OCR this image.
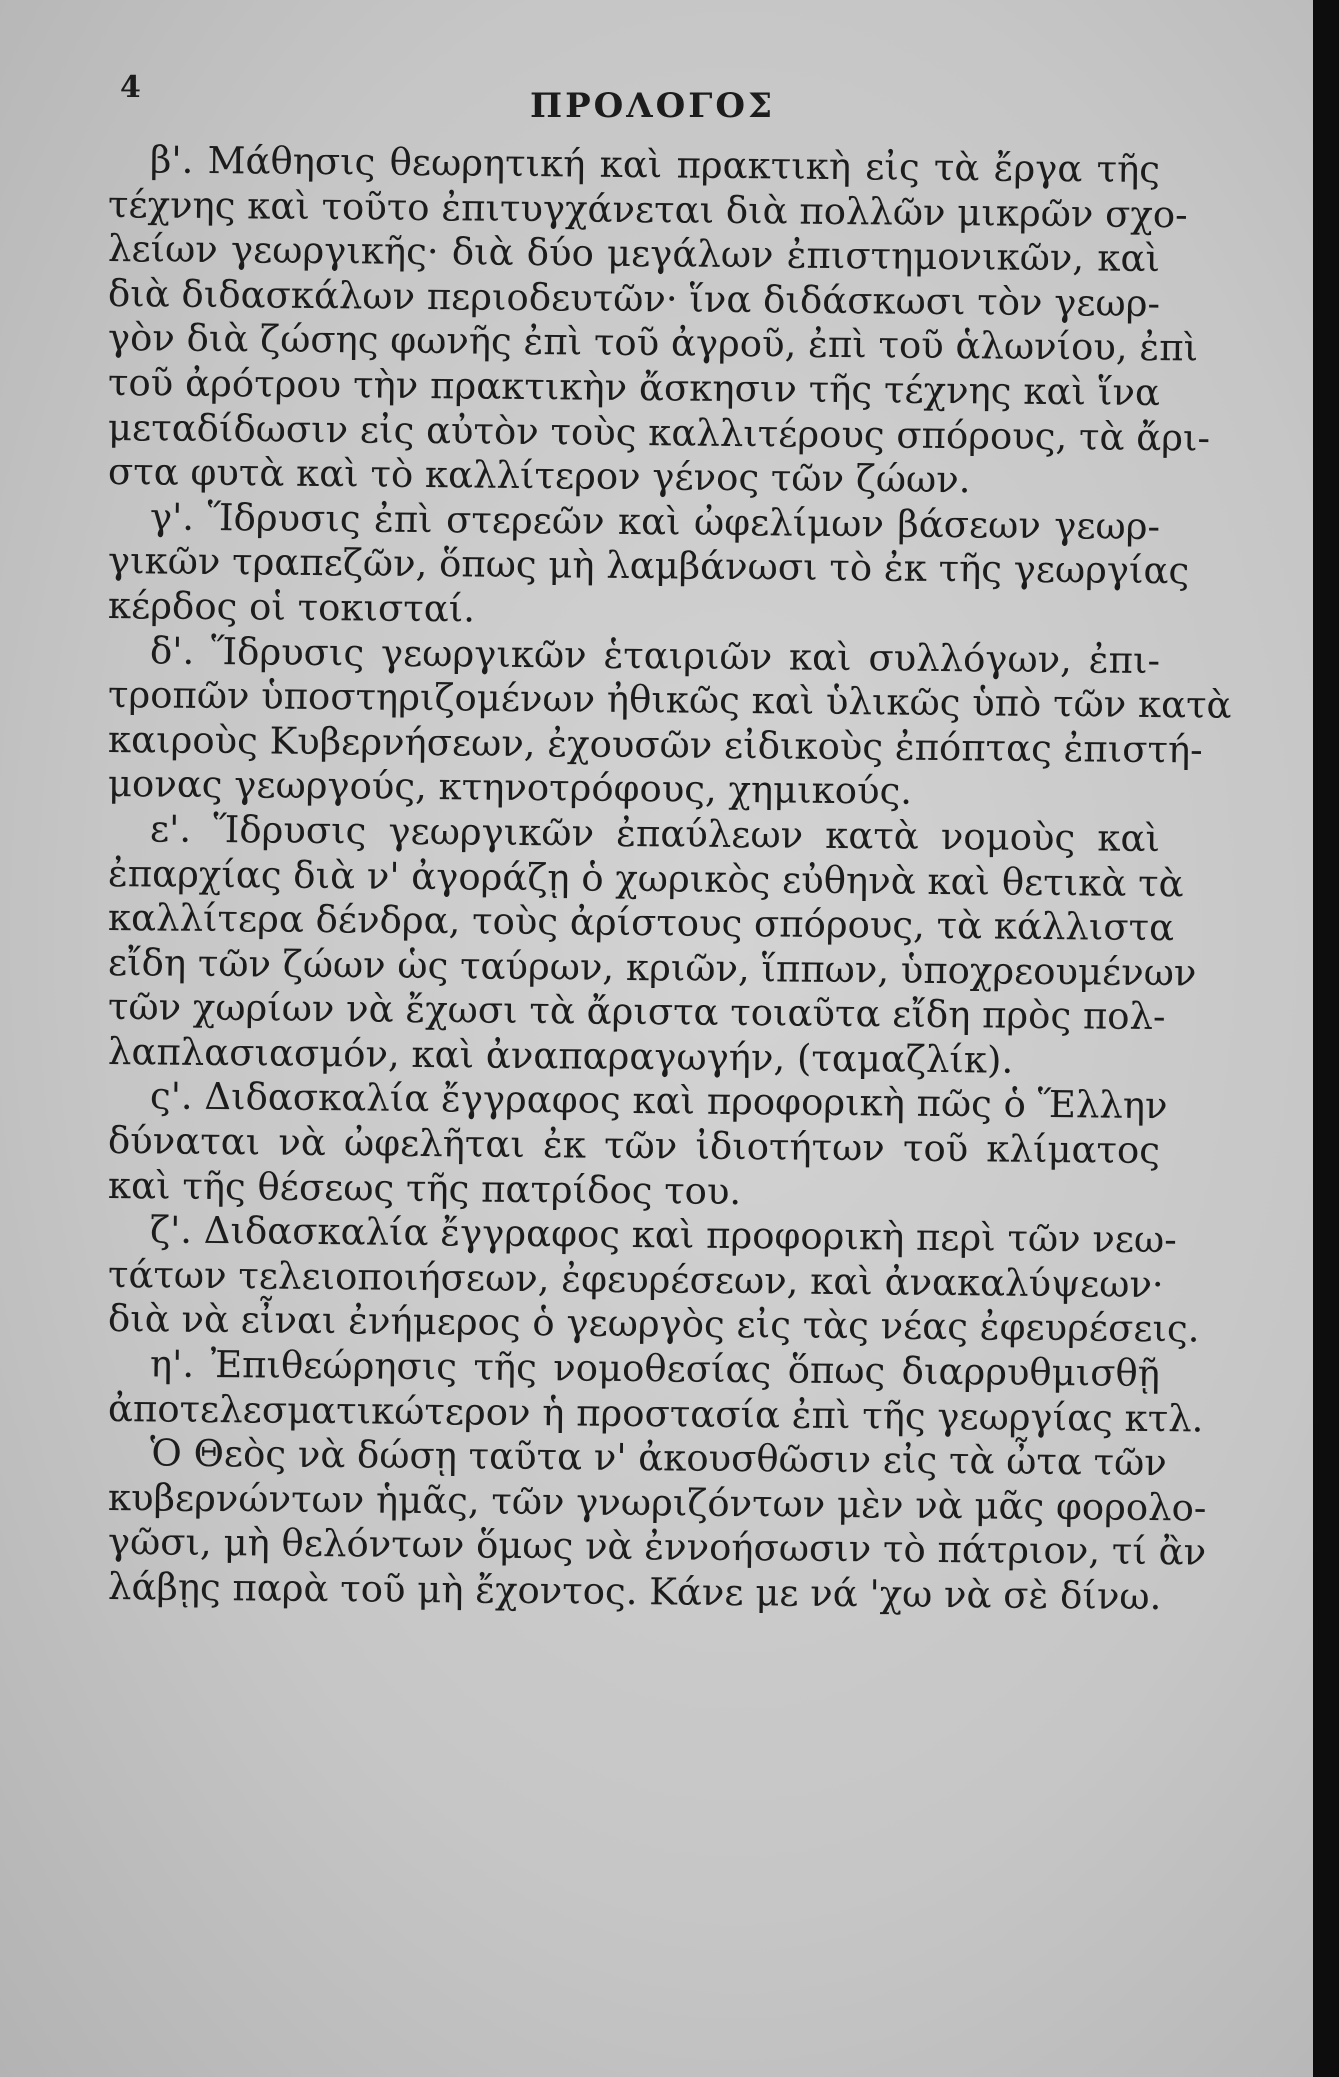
4	ΠΡΟΛΟΓΟΣ
β'. Μάθησις θεωρητική καὶ πρακτικὴ εἰς τὰ ἔργα τῆς
τέχνης καὶ τοῦτο ἐπιτυγχάνεται διὰ πολλῶν μικρῶν σχο-
λείων γεωργικῆς· διὰ δύο μεγάλων ἐπιστημονικῶν, καὶ
διὰ διδασκάλων περιοδευτῶν· ἵνα διδάσκωσι τὸν γεωρ-
γὸν διὰ ζώσης φωνῆς ἐπὶ τοῦ ἀγροῦ, ἐπὶ τοῦ ἁλωνίου, ἐπὶ
τοῦ ἀρότρου τὴν πρακτικὴν ἄσκησιν τῆς τέχνης καὶ ἵνα
μεταδίδωσιν εἰς αὐτὸν τοὺς καλλιτέρους σπόρους, τὰ ἄρι-
στα φυτὰ καὶ τὸ καλλίτερον γένος τῶν ζώων.
γ'. Ἵδρυσις ἐπὶ στερεῶν καὶ ὠφελίμων βάσεων γεωρ-
γικῶν τραπεζῶν, ὅπως μὴ λαμβάνωσι τὸ ἐκ τῆς γεωργίας
κέρδος οἱ τοκισταί.
δ'. Ἵδρυσις γεωργικῶν ἑταιριῶν καὶ συλλόγων, ἐπι-
τροπῶν ὑποστηριζομένων ἠθικῶς καὶ ὑλικῶς ὑπὸ τῶν κατὰ
καιροὺς Κυβερνήσεων, ἐχουσῶν εἰδικοὺς ἐπόπτας ἐπιστή-
μονας γεωργούς, κτηνοτρόφους, χημικούς.
ε'. Ἵδρυσις γεωργικῶν ἐπαύλεων κατὰ νομοὺς καὶ
ἐπαρχίας διὰ ν' ἀγοράζῃ ὁ χωρικὸς εὐθηνὰ καὶ θετικὰ τὰ
καλλίτερα δένδρα, τοὺς ἀρίστους σπόρους, τὰ κάλλιστα
εἴδη τῶν ζώων ὡς ταύρων, κριῶν, ἵππων, ὑποχρεουμένων
τῶν χωρίων νὰ ἔχωσι τὰ ἄριστα τοιαῦτα εἴδη πρὸς πολ-
λαπλασιασμόν, καὶ ἀναπαραγωγήν, (ταμαζλίκ).
ς'. Διδασκαλία ἔγγραφος καὶ προφορικὴ πῶς ὁ Ἕλλην
δύναται νὰ ὠφελῆται ἐκ τῶν ἰδιοτήτων τοῦ κλίματος
καὶ τῆς θέσεως τῆς πατρίδος του.
ζ'. Διδασκαλία ἔγγραφος καὶ προφορικὴ περὶ τῶν νεω-
τάτων τελειοποιήσεων, ἐφευρέσεων, καὶ ἀνακαλύψεων·
διὰ νὰ εἶναι ἐνήμερος ὁ γεωργὸς εἰς τὰς νέας ἐφευρέσεις.
η'. Ἐπιθεώρησις τῆς νομοθεσίας ὅπως διαρρυθμισθῇ
ἀποτελεσματικώτερον ἡ προστασία ἐπὶ τῆς γεωργίας κτλ.
Ὁ Θεὸς νὰ δώσῃ ταῦτα ν' ἀκουσθῶσιν εἰς τὰ ὦτα τῶν
κυβερνώντων ἡμᾶς, τῶν γνωριζόντων μὲν νὰ μᾶς φορολο-
γῶσι, μὴ θελόντων ὅμως νὰ ἐννοήσωσιν τὸ πάτριον, τί ἂν
λάβῃς παρὰ τοῦ μὴ ἔχοντος. Κάνε με νά 'χω νὰ σὲ δίνω.
